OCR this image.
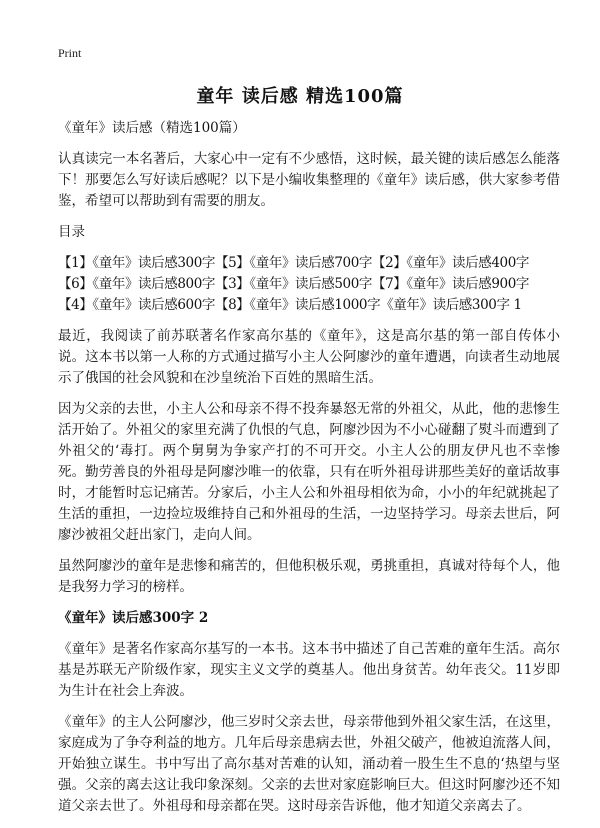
Print
童年 读后感 精选100篇

《童年》读后感（精选100篇）

认真读完一本名著后，大家心中一定有不少感悟，这时候，最关键的读后感怎么能落下！那要怎么写好读后感呢？以下是小编收集整理的《童年》读后感，供大家参考借鉴，希望可以帮助到有需要的朋友。

目录

【1】《童年》读后感300字【5】《童年》读后感700字【2】《童年》读后感400字
【6】《童年》读后感800字【3】《童年》读后感500字【7】《童年》读后感900字
【4】《童年》读后感600字【8】《童年》读后感1000字《童年》读后感300字 1

最近，我阅读了前苏联著名作家高尔基的《童年》，这是高尔基的第一部自传体小说。这本书以第一人称的方式通过描写小主人公阿廖沙的童年遭遇，向读者生动地展示了俄国的社会风貌和在沙皇统治下百姓的黑暗生活。

因为父亲的去世，小主人公和母亲不得不投奔暴怒无常的外祖父，从此，他的悲惨生活开始了。外祖父的家里充满了仇恨的气息，阿廖沙因为不小心碰翻了熨斗而遭到了外祖父的‘毒打。两个舅舅为争家产打的不可开交。小主人公的朋友伊凡也不幸惨死。勤劳善良的外祖母是阿廖沙唯一的依靠，只有在听外祖母讲那些美好的童话故事时，才能暂时忘记痛苦。分家后，小主人公和外祖母相依为命，小小的年纪就挑起了生活的重担，一边捡垃圾维持自己和外祖母的生活，一边坚持学习。母亲去世后，阿廖沙被祖父赶出家门，走向人间。

虽然阿廖沙的童年是悲惨和痛苦的，但他积极乐观，勇挑重担，真诚对待每个人，他是我努力学习的榜样。

《童年》读后感300字 2

《童年》是著名作家高尔基写的一本书。这本书中描述了自己苦难的童年生活。高尔基是苏联无产阶级作家，现实主义文学的奠基人。他出身贫苦。幼年丧父。11岁即为生计在社会上奔波。

《童年》的主人公阿廖沙，他三岁时父亲去世，母亲带他到外祖父家生活，在这里，家庭成为了争夺利益的地方。几年后母亲患病去世，外祖父破产，他被迫流落人间，开始独立谋生。书中写出了高尔基对苦难的认知，涌动着一股生生不息的‘热望与坚强。父亲的离去这让我印象深刻。父亲的去世对家庭影响巨大。但这时阿廖沙还不知道父亲去世了。外祖母和母亲都在哭。这时母亲告诉他，他才知道父亲离去了。
